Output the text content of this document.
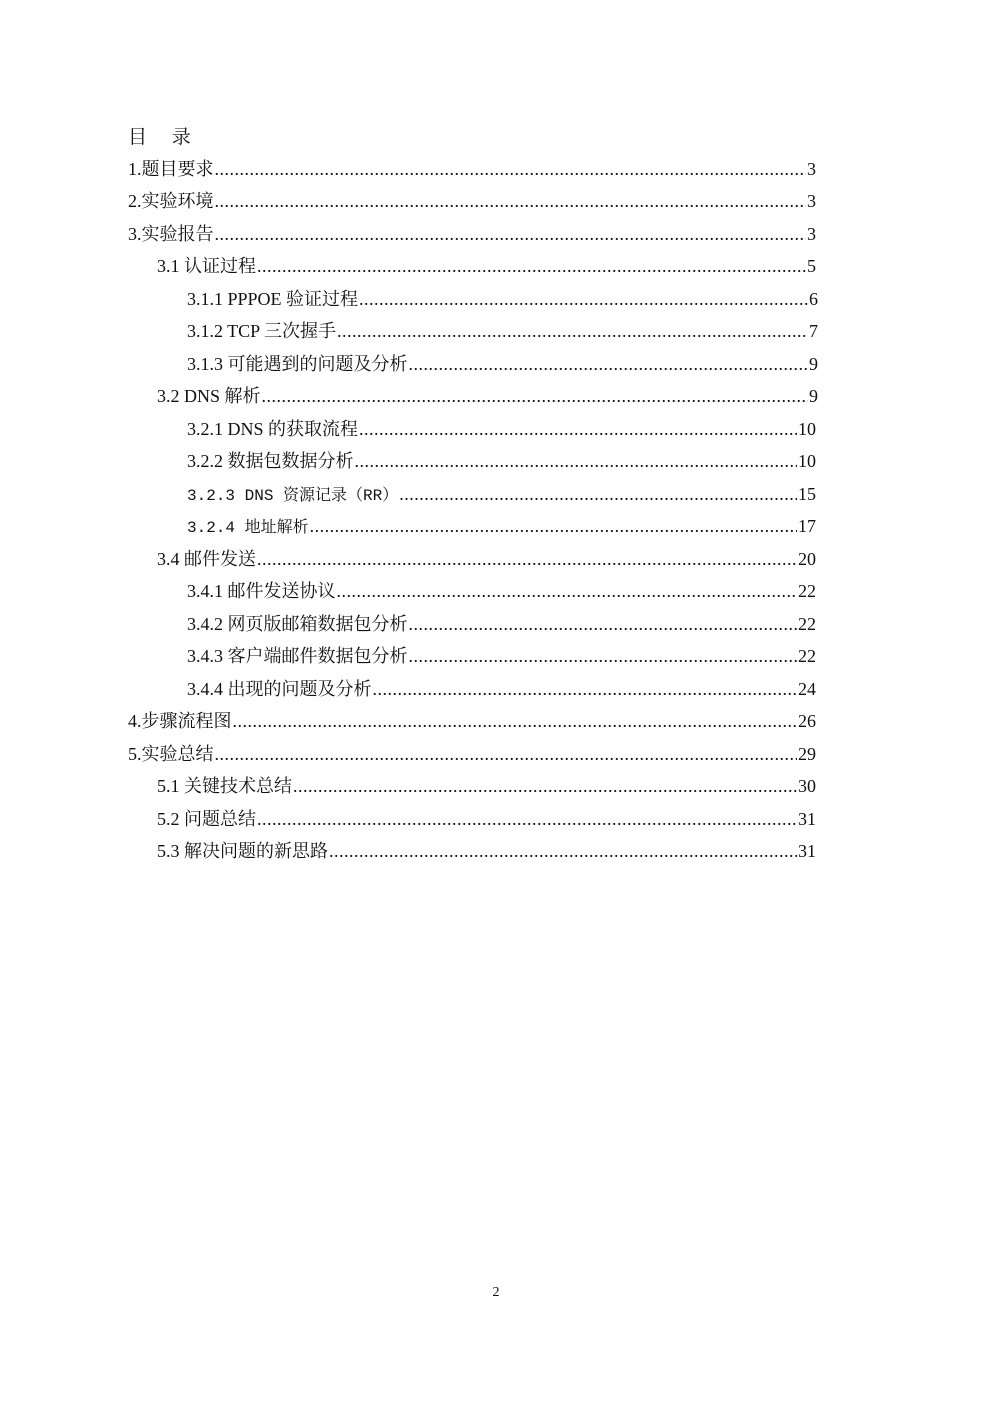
目 录
1.题目要求 .....	3
2.实验环境 .....	3
3.实验报告 .....	3
3.1 认证过程 .....	5
3.1.1 PPPOE 验证过程 .....	6
3.1.2 TCP 三次握手 .....	7
3.1.3 可能遇到的问题及分析 .....	9
3.2 DNS 解析 .....	9
3.2.1 DNS 的获取流程 .....	10
3.2.2 数据包数据分析 .....	10
3.2.3 DNS 资源记录（RR） .....	15
3.2.4 地址解析 .....	17
3.4 邮件发送 .....	20
3.4.1 邮件发送协议 .....	22
3.4.2 网页版邮箱数据包分析 .....	22
3.4.3 客户端邮件数据包分析 .....	22
3.4.4 出现的问题及分析 .....	24
4.步骤流程图 .....	26
5.实验总结 .....	29
5.1 关键技术总结 .....	30
5.2 问题总结 .....	31
5.3 解决问题的新思路 .....	31
2
